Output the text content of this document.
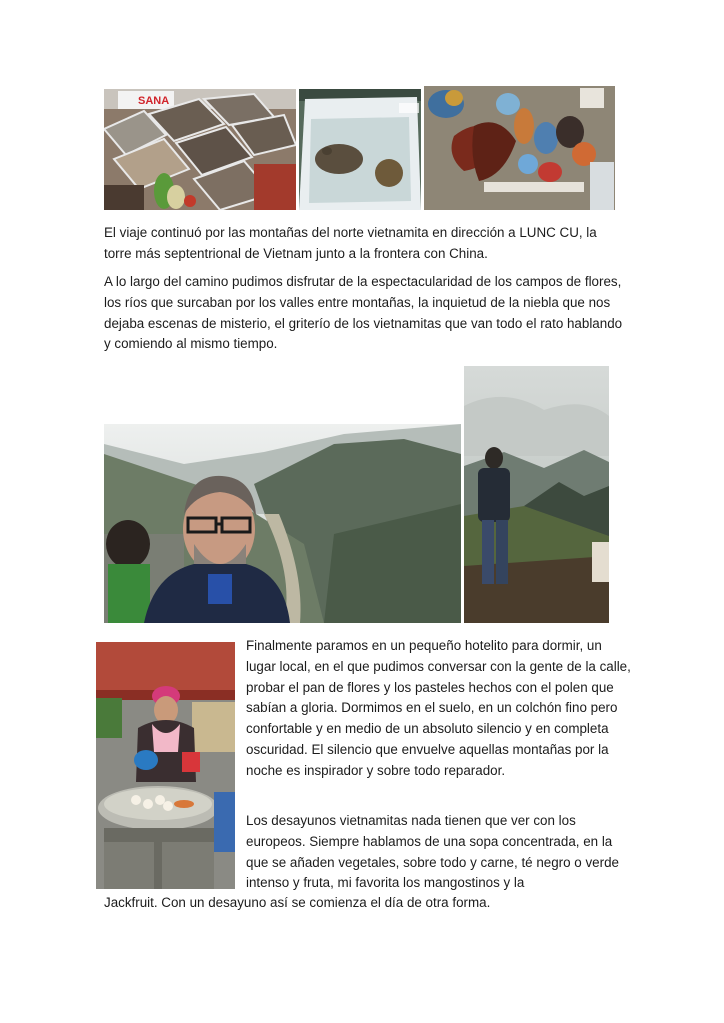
SANA

El viaje continuó por las montañas del norte vietnamita en dirección a LUNC CU, la torre más septentrional de Vietnam junto a la frontera con China.

A lo largo del camino pudimos disfrutar de la espectacularidad de los campos de flores, los ríos que surcaban por los valles entre montañas, la inquietud de la niebla que nos dejaba escenas de misterio, el griterío de los vietnamitas que van todo el rato hablando y comiendo al mismo tiempo.

Finalmente paramos en un pequeño hotelito para dormir, un lugar local, en el que pudimos conversar con la gente de la calle, probar el pan de flores y los pasteles hechos con el polen que sabían a gloria. Dormimos en el suelo, en un colchón fino pero confortable y en medio de un absoluto silencio y en completa oscuridad. El silencio que envuelve aquellas montañas por la noche es inspirador y sobre todo reparador.

Los desayunos vietnamitas nada tienen que ver con los europeos. Siempre hablamos de una sopa concentrada, en la que se añaden vegetales, sobre todo y carne, té negro o verde intenso y fruta, mi favorita los mangostinos y la

Jackfruit. Con un desayuno así se comienza el día de otra forma.
